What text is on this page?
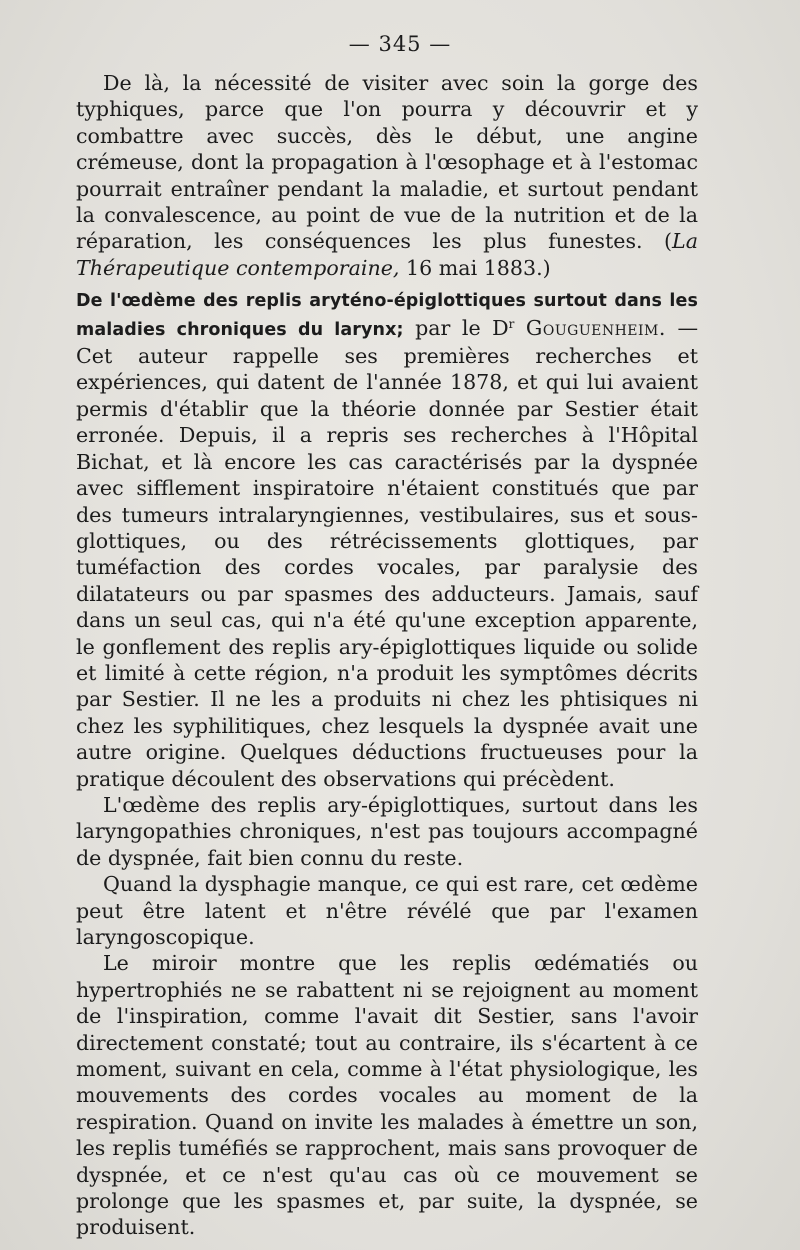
— 345 —

De là, la nécessité de visiter avec soin la gorge des typhiques, parce que l'on pourra y découvrir et y combattre avec succès, dès le début, une angine crémeuse, dont la propagation à l'œsophage et à l'estomac pourrait entraîner pendant la maladie, et surtout pendant la convalescence, au point de vue de la nutrition et de la réparation, les conséquences les plus funestes. (La Thérapeutique contemporaine, 16 mai 1883.)

De l'œdème des replis aryténo-épiglottiques surtout dans les maladies chroniques du larynx; par le $D^r$ Gouguenheim. — Cet auteur rappelle ses premières recherches et expériences, qui datent de l'année 1878, et qui lui avaient permis d'établir que la théorie donnée par Sestier était erronée. Depuis, il a repris ses recherches à l'Hôpital Bichat, et là encore les cas caractérisés par la dyspnée avec sifflement inspiratoire n'étaient constitués que par des tumeurs intralaryngiennes, vestibulaires, sus et sous-glottiques, ou des rétrécissements glottiques, par tuméfaction des cordes vocales, par paralysie des dilatateurs ou par spasmes des adducteurs. Jamais, sauf dans un seul cas, qui n'a été qu'une exception apparente, le gonflement des replis ary-épiglottiques liquide ou solide et limité à cette région, n'a produit les symptômes décrits par Sestier. Il ne les a produits ni chez les phtisiques ni chez les syphilitiques, chez lesquels la dyspnée avait une autre origine. Quelques déductions fructueuses pour la pratique découlent des observations qui précèdent.

L'œdème des replis ary-épiglottiques, surtout dans les laryngopathies chroniques, n'est pas toujours accompagné de dyspnée, fait bien connu du reste.

Quand la dysphagie manque, ce qui est rare, cet œdème peut être latent et n'être révélé que par l'examen laryngoscopique.

Le miroir montre que les replis œdématiés ou hypertrophiés ne se rabattent ni se rejoignent au moment de l'inspiration, comme l'avait dit Sestier, sans l'avoir directement constaté; tout au contraire, ils s'écartent à ce moment, suivant en cela, comme à l'état physiologique, les mouvements des cordes vocales au moment de la respiration. Quand on invite les malades à émettre un son, les replis tuméfiés se rapprochent, mais sans provoquer de dyspnée, et ce n'est qu'au cas où ce mouvement se prolonge que les spasmes et, par suite, la dyspnée, se produisent.
